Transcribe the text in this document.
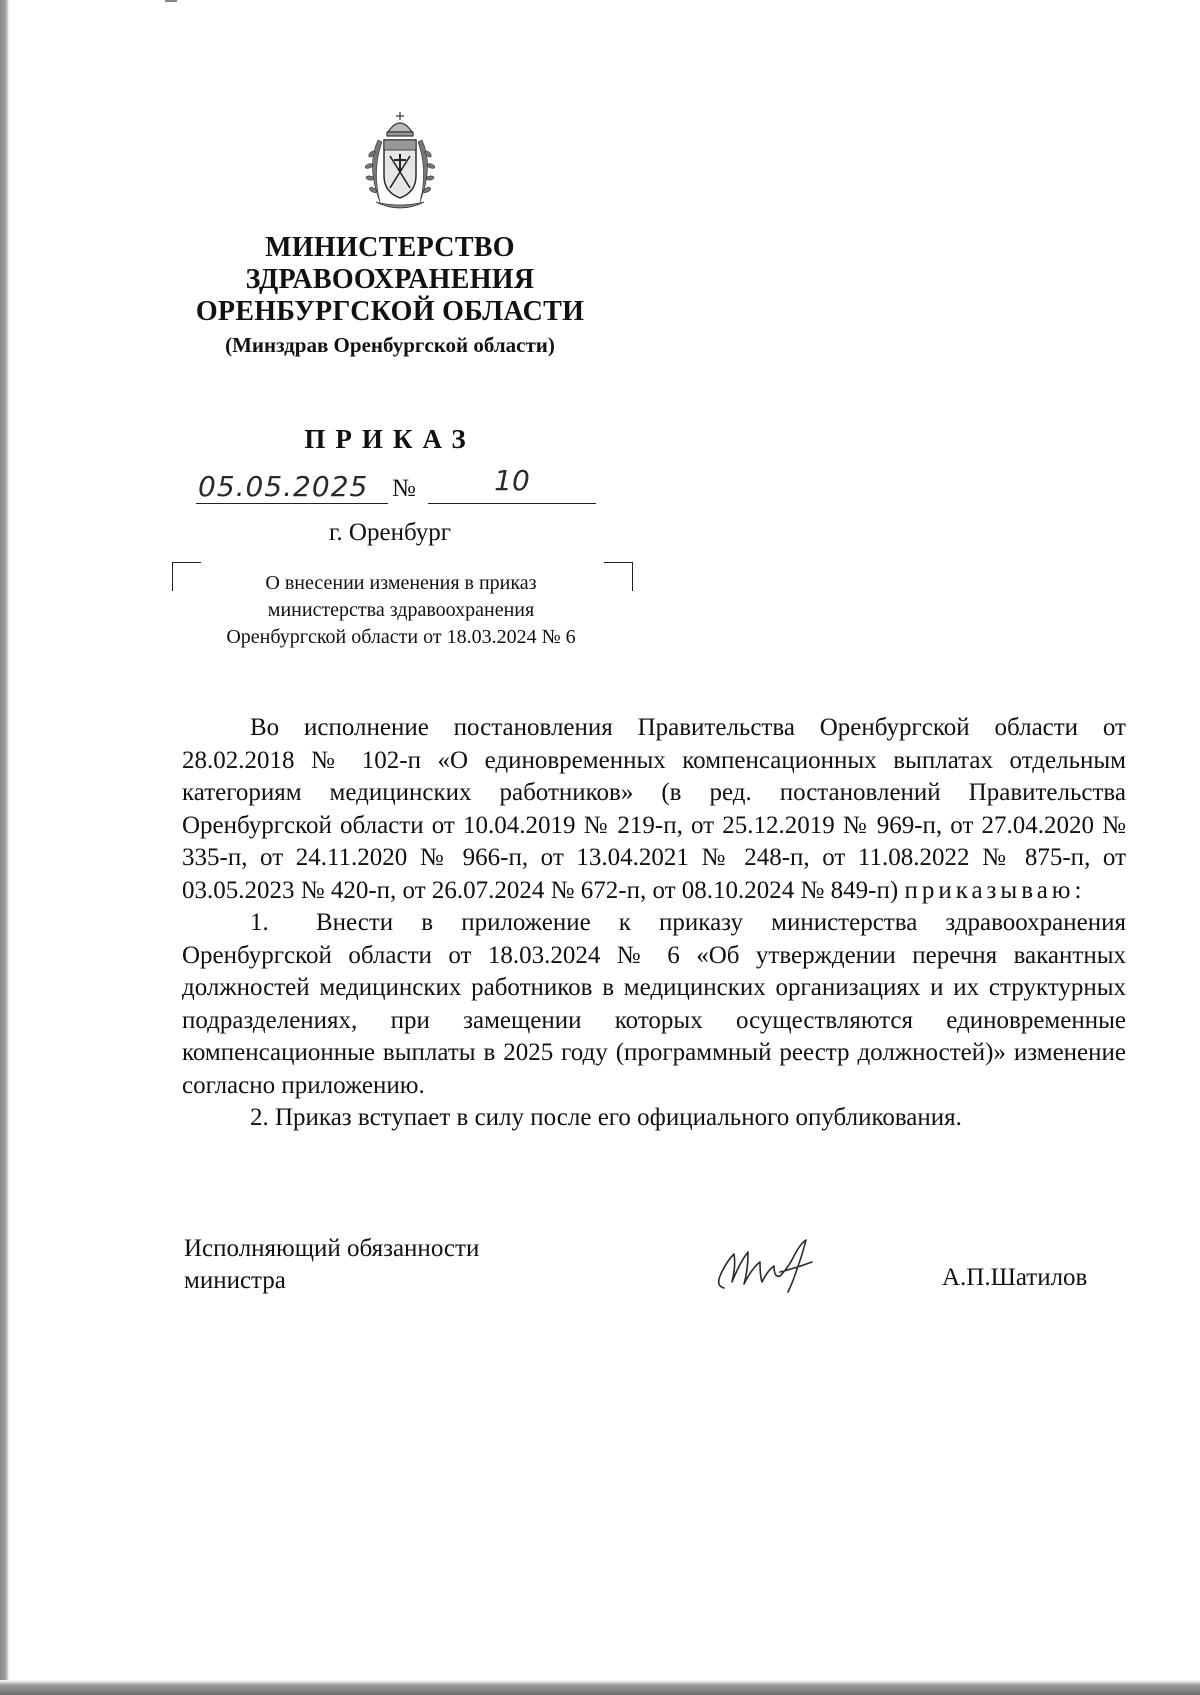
МИНИСТЕРСТВО
ЗДРАВООХРАНЕНИЯ
ОРЕНБУРГСКОЙ ОБЛАСТИ
(Минздрав Оренбургской области)
ПРИКАЗ
05.05.2025 №	10
г. Оренбург
О внесении изменения в приказ
министерства здравоохранения
Оренбургской области от 18.03.2024 № 6

Во исполнение постановления Правительства Оренбургской области от 28.02.2018 № 102-п «О единовременных компенсационных выплатах отдельным категориям медицинских работников» (в ред. постановлений Правительства Оренбургской области от 10.04.2019 № 219-п, от 25.12.2019 № 969-п, от 27.04.2020 № 335-п, от 24.11.2020 № 966-п, от 13.04.2021 № 248-п, от 11.08.2022 № 875-п, от 03.05.2023 № 420-п, от 26.07.2024 № 672-п, от 08.10.2024 № 849-п) приказываю:

1. Внести в приложение к приказу министерства здравоохранения Оренбургской области от 18.03.2024 № 6 «Об утверждении перечня вакантных должностей медицинских работников в медицинских организациях и их структурных подразделениях, при замещении которых осуществляются единовременные компенсационные выплаты в 2025 году (программный реестр должностей)» изменение согласно приложению.

2. Приказ вступает в силу после его официального опубликования.

Исполняющий обязанности
министра	А.П.Шатилов
